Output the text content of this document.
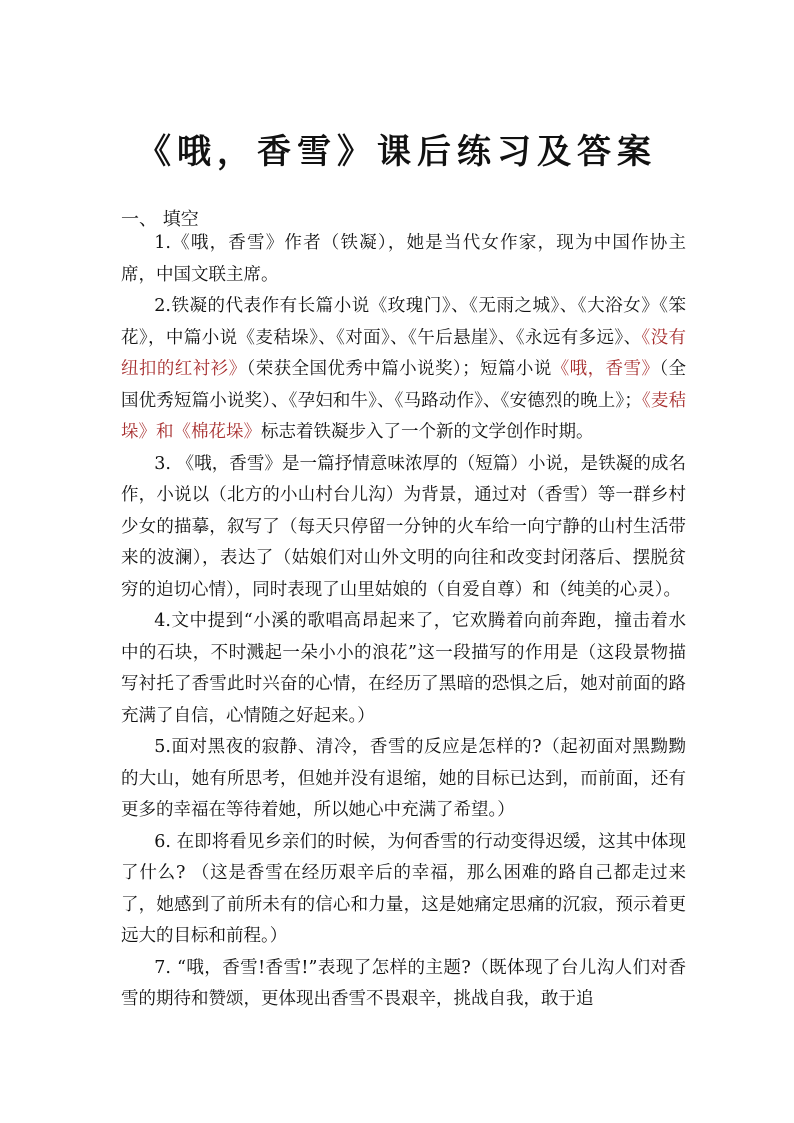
《哦，香雪》课后练习及答案
一、 填空

1.《哦，香雪》作者（铁凝），她是当代女作家，现为中国作协主席，中国文联主席。

2.铁凝的代表作有长篇小说《玫瑰门》、《无雨之城》、《大浴女》《笨花》，中篇小说《麦秸垛》、《对面》、《午后悬崖》、《永远有多远》、《没有纽扣的红衬衫》（荣获全国优秀中篇小说奖）；短篇小说《哦，香雪》（全国优秀短篇小说奖）、《孕妇和牛》、《马路动作》、《安德烈的晚上》；《麦秸垛》和《棉花垛》标志着铁凝步入了一个新的文学创作时期。

3. 《哦，香雪》是一篇抒情意味浓厚的（短篇）小说，是铁凝的成名作，小说以（北方的小山村台儿沟）为背景，通过对（香雪）等一群乡村少女的描摹，叙写了（每天只停留一分钟的火车给一向宁静的山村生活带来的波澜），表达了（姑娘们对山外文明的向往和改变封闭落后、摆脱贫穷的迫切心情），同时表现了山里姑娘的（自爱自尊）和（纯美的心灵）。

4.文中提到“小溪的歌唱高昂起来了，它欢腾着向前奔跑，撞击着水中的石块，不时溅起一朵小小的浪花”这一段描写的作用是（这段景物描写衬托了香雪此时兴奋的心情，在经历了黑暗的恐惧之后，她对前面的路充满了自信，心情随之好起来。）

5.面对黑夜的寂静、清冷，香雪的反应是怎样的?（起初面对黑黝黝的大山，她有所思考，但她并没有退缩，她的目标已达到，而前面，还有更多的幸福在等待着她，所以她心中充满了希望。）

6. 在即将看见乡亲们的时候，为何香雪的行动变得迟缓，这其中体现了什么? （这是香雪在经历艰辛后的幸福，那么困难的路自己都走过来了，她感到了前所未有的信心和力量，这是她痛定思痛的沉寂，预示着更远大的目标和前程。）

7. “哦，香雪!香雪!”表现了怎样的主题?（既体现了台儿沟人们对香雪的期待和赞颂，更体现出香雪不畏艰辛，挑战自我，敢于追
